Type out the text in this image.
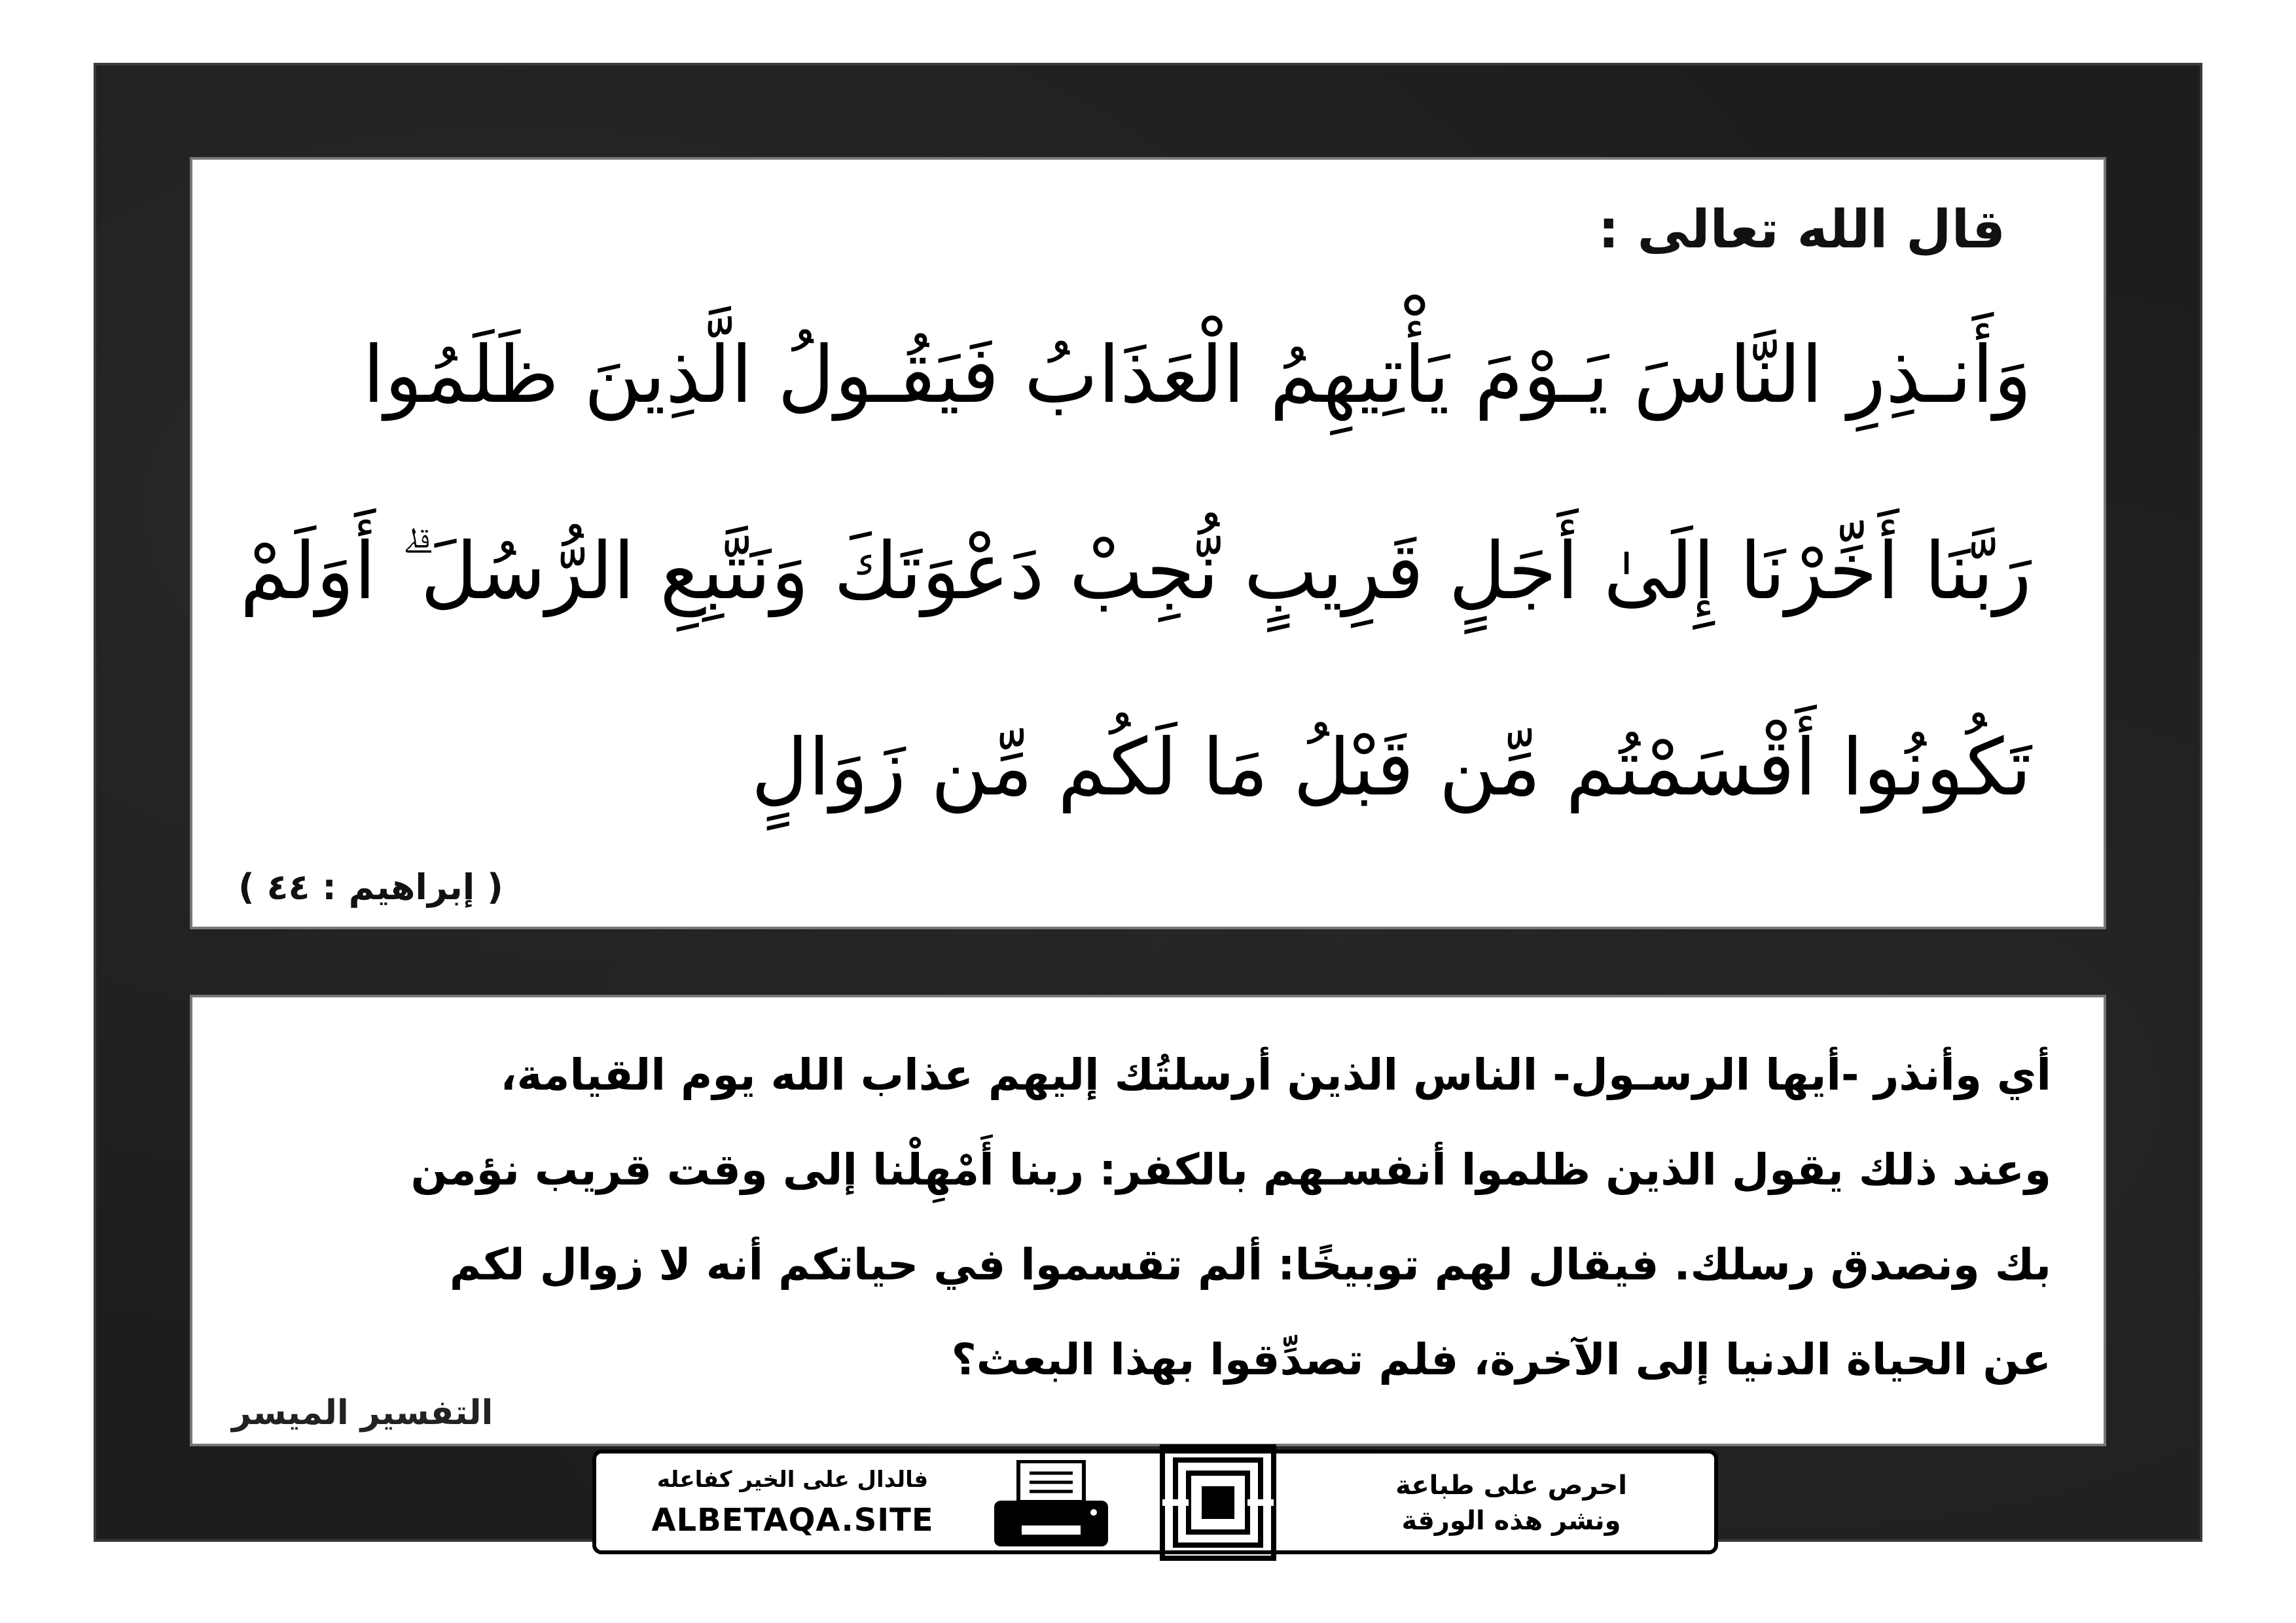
قال الله تعالى :
وَأَنـذِرِ النَّاسَ يَـوْمَ يَأْتِيهِمُ الْعَذَابُ فَيَقُـولُ الَّذِينَ ظَلَمُوا
رَبَّنَا أَخِّرْنَا إِلَىٰ أَجَلٍ قَرِيبٍ نُّجِبْ دَعْوَتَكَ وَنَتَّبِعِ الرُّسُلَ ۗ أَوَلَمْ
تَكُونُوا أَقْسَمْتُم مِّن قَبْلُ مَا لَكُم مِّن زَوَالٍ
( إبراهيم : ٤٤ )
أي وأنذر -أيها الرسـول- الناس الذين أرسلتُك إليهم عذاب الله يوم القيامة،
وعند ذلك يقول الذين ظلموا أنفسـهم بالكفر: ربنا أَمْهِلْنا إلى وقت قريب نؤمن
بك ونصدق رسلك. فيقال لهم توبيخًا: ألم تقسموا في حياتكم أنه لا زوال لكم
عن الحياة الدنيا إلى الآخرة، فلم تصدِّقوا بهذا البعث؟
التفسير الميسر
فالدال على الخير كفاعله
ALBETAQA.SITE
احرص على طباعة
ونشر هذه الورقة
